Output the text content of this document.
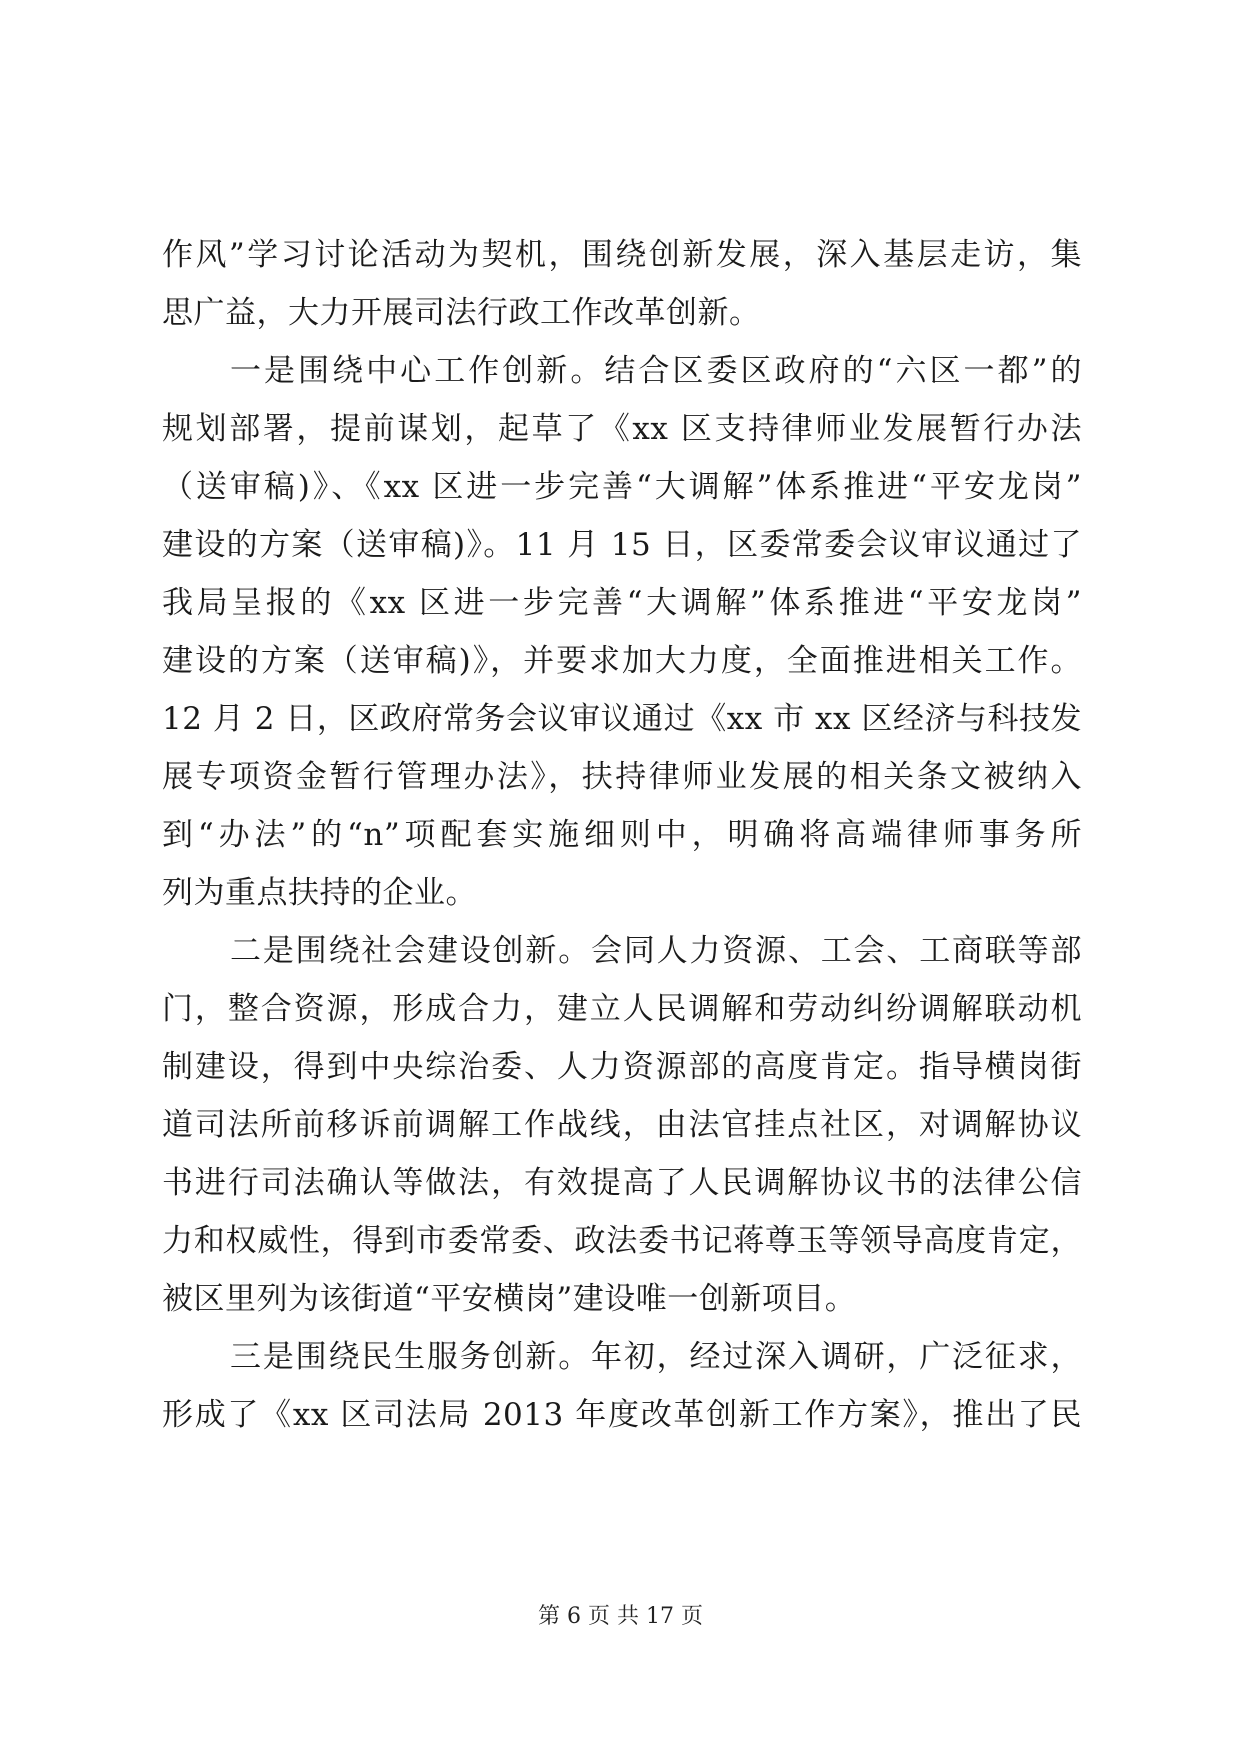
作风”学习讨论活动为契机，围绕创新发展，深入基层走访，集
思广益，大力开展司法行政工作改革创新。
一是围绕中心工作创新。结合区委区政府的“六区一都”的
规划部署，提前谋划，起草了《xx 区支持律师业发展暂行办法
（送审稿)》、《xx 区进一步完善“大调解”体系推进“平安龙岗”
建设的方案（送审稿)》。11 月 15 日，区委常委会议审议通过了
我局呈报的《xx 区进一步完善“大调解”体系推进“平安龙岗”
建设的方案（送审稿)》，并要求加大力度，全面推进相关工作。
12 月 2 日，区政府常务会议审议通过《xx 市 xx 区经济与科技发
展专项资金暂行管理办法》，扶持律师业发展的相关条文被纳入
到“办法”的“n”项配套实施细则中，明确将高端律师事务所
列为重点扶持的企业。
二是围绕社会建设创新。会同人力资源、工会、工商联等部
门，整合资源，形成合力，建立人民调解和劳动纠纷调解联动机
制建设，得到中央综治委、人力资源部的高度肯定。指导横岗街
道司法所前移诉前调解工作战线，由法官挂点社区，对调解协议
书进行司法确认等做法，有效提高了人民调解协议书的法律公信
力和权威性，得到市委常委、政法委书记蒋尊玉等领导高度肯定，
被区里列为该街道“平安横岗”建设唯一创新项目。
三是围绕民生服务创新。年初，经过深入调研，广泛征求，
形成了《xx 区司法局 2013 年度改革创新工作方案》，推出了民
第 6 页 共 17 页
